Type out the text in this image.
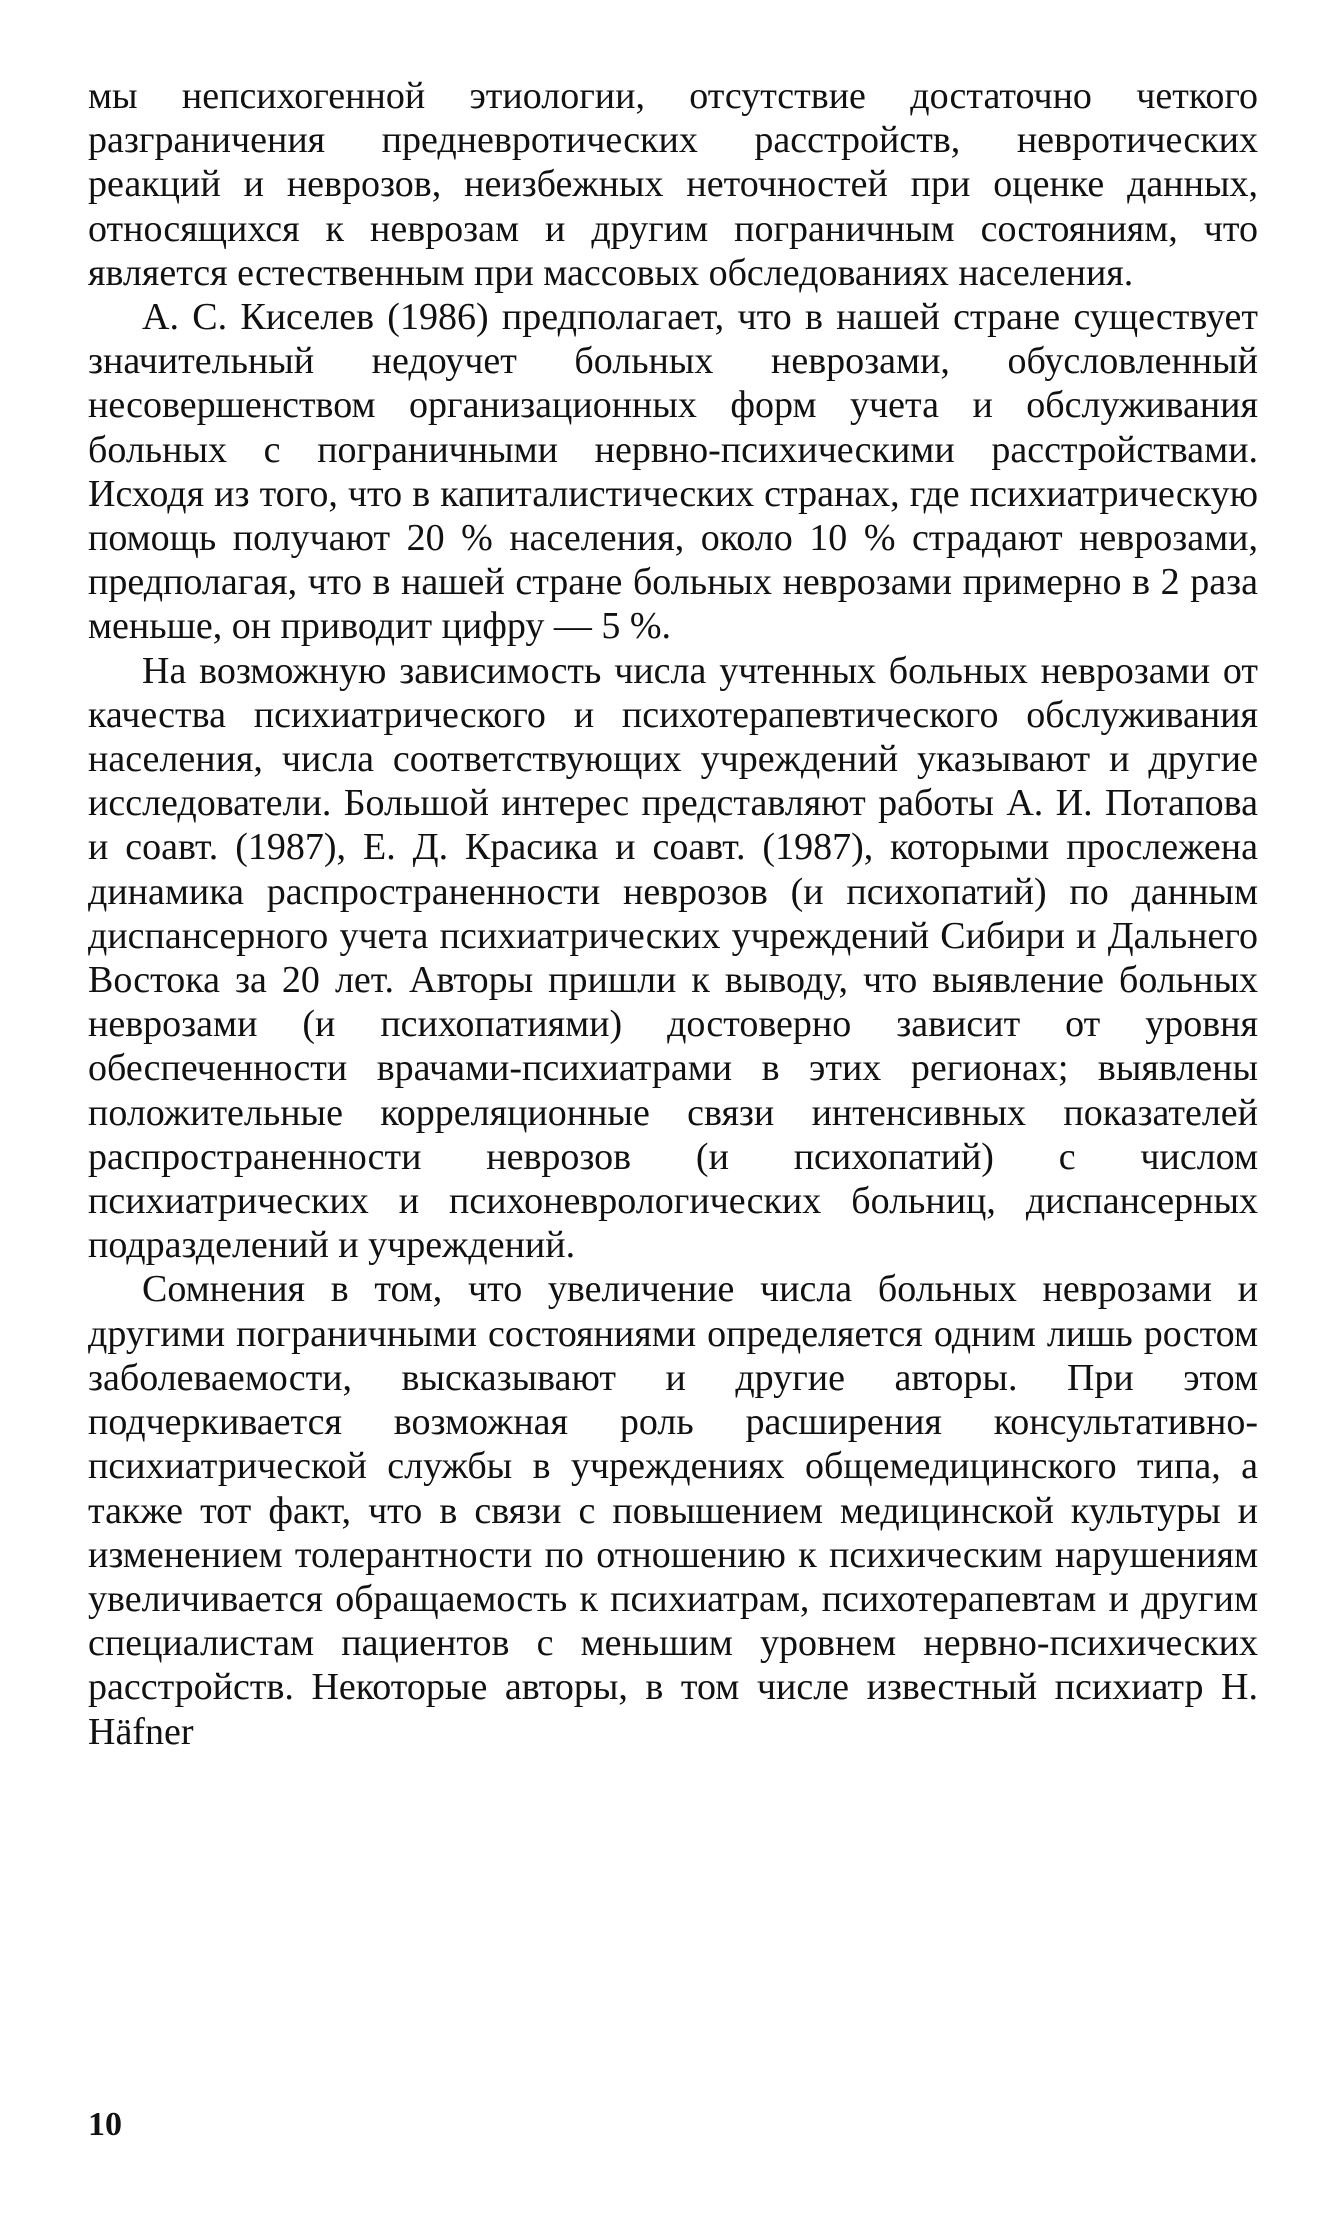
мы непсихогенной этиологии, отсутствие достаточно четкого разграничения предневротических расстройств, невротических реакций и неврозов, неизбежных неточностей при оценке данных, относящихся к неврозам и другим пограничным состояниям, что является естественным при массовых обследованиях населения.

А. С. Киселев (1986) предполагает, что в нашей стране существует значительный недоучет больных неврозами, обусловленный несовершенством организационных форм учета и обслуживания больных с пограничными нервно-психическими расстройствами. Исходя из того, что в капиталистических странах, где психиатрическую помощь получают 20 % населения, около 10 % страдают неврозами, предполагая, что в нашей стране больных неврозами примерно в 2 раза меньше, он приводит цифру — 5 %.

На возможную зависимость числа учтенных больных неврозами от качества психиатрического и психотерапевтического обслуживания населения, числа соответствующих учреждений указывают и другие исследователи. Большой интерес представляют работы А. И. Потапова и соавт. (1987), Е. Д. Красика и соавт. (1987), которыми прослежена динамика распространенности неврозов (и психопатий) по данным диспансерного учета психиатрических учреждений Сибири и Дальнего Востока за 20 лет. Авторы пришли к выводу, что выявление больных неврозами (и психопатиями) достоверно зависит от уровня обеспеченности врачами-психиатрами в этих регионах; выявлены положительные корреляционные связи интенсивных показателей распространенности неврозов (и психопатий) с числом психиатрических и психоневрологических больниц, диспансерных подразделений и учреждений.

Сомнения в том, что увеличение числа больных неврозами и другими пограничными состояниями определяется одним лишь ростом заболеваемости, высказывают и другие авторы. При этом подчеркивается возможная роль расширения консультативно-психиатрической службы в учреждениях общемедицинского типа, а также тот факт, что в связи с повышением медицинской культуры и изменением толерантности по отношению к психическим нарушениям увеличивается обращаемость к психиатрам, психотерапевтам и другим специалистам пациентов с меньшим уровнем нервно-психических расстройств. Некоторые авторы, в том числе известный психиатр H. Häfner

10
